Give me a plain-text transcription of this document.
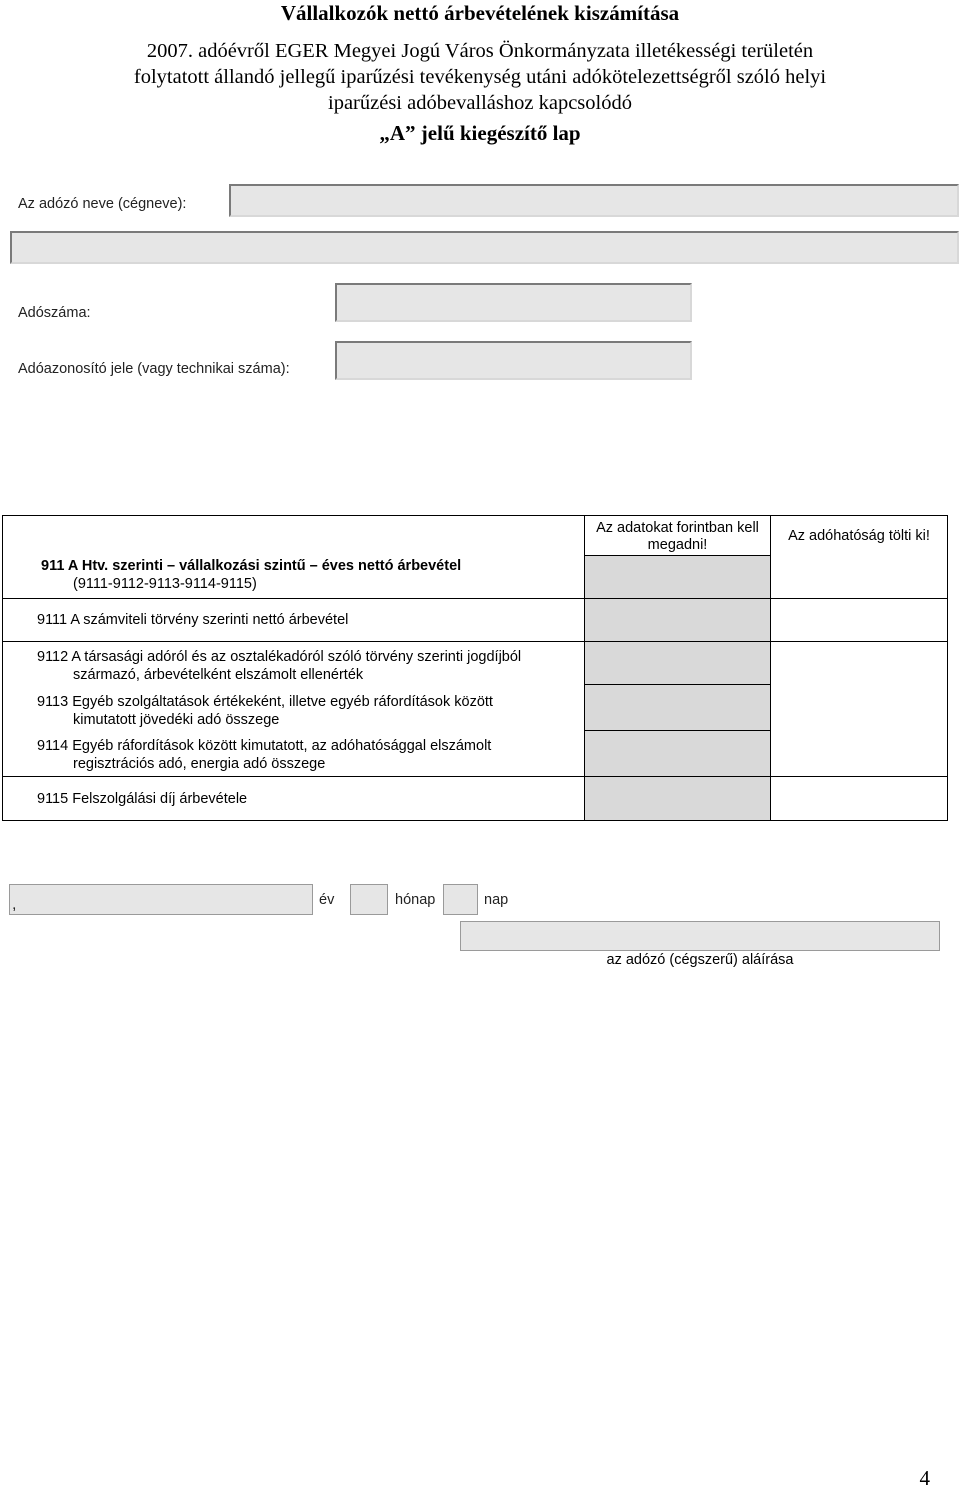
Vállalkozók nettó árbevételének kiszámítása
2007. adóévről EGER Megyei Jogú Város Önkormányzata illetékességi területén
folytatott állandó jellegű iparűzési tevékenység utáni adókötelezettségről szóló helyi
iparűzési adóbevalláshoz kapcsolódó
„A” jelű kiegészítő lap
Az adózó neve (cégneve):
Adószáma:
Adóazonosító jele (vagy technikai száma):
Az adatokat forintban kell megadni!
Az adóhatóság tölti ki!
911 A Htv. szerinti – vállalkozási szintű – éves nettó árbevétel
(9111-9112-9113-9114-9115)
9111 A számviteli törvény szerinti nettó árbevétel
9112 A társasági adóról és az osztalékadóról szóló törvény szerinti jogdíjból
származó, árbevételként elszámolt ellenérték
9113 Egyéb szolgáltatások értékeként, illetve egyéb ráfordítások között
kimutatott jövedéki adó összege
9114 Egyéb ráfordítások között kimutatott, az adóhatósággal elszámolt
regisztrációs adó, energia adó összege
9115 Felszolgálási díj árbevétele
,	év	hónap	nap
az adózó (cégszerű) aláírása
4
